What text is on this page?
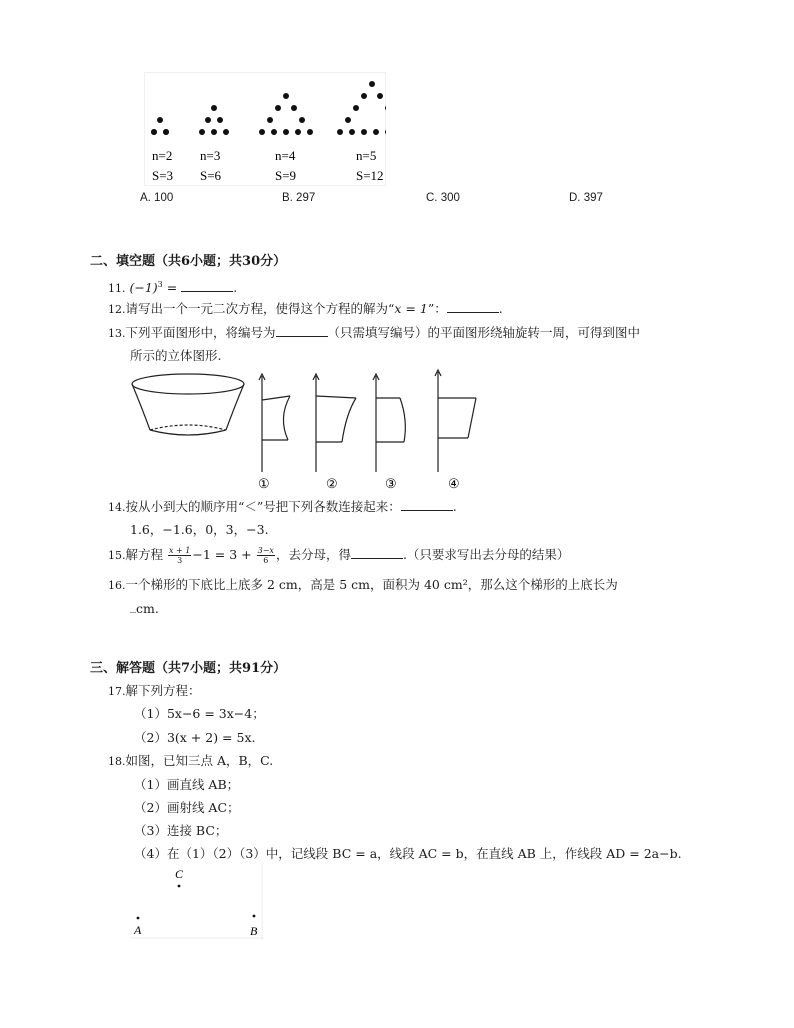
n=2
S=3
n=3
S=6
n=4
S=9
n=5
S=12
A. 100	B. 297	C. 300	D. 397
二、填空题（共6小题；共30分）
11. $(-1)^3$ =	.
12.请写出一个一元二次方程，使得这个方程的解为“x = 1”：	.
13.下列平面图形中，将编号为	（只需填写编号）的平面图形绕轴旋转一周，可得到图中
所示的立体图形.
①	②	③	④
14.按从小到大的顺序用“＜”号把下列各数连接起来：	.
1.6，−1.6，0，3，−3.
15.解方程 $\frac{x + 1}{3} -1 = 3 + \frac{3-x}{6}$ ，去分母，得	.（只要求写出去分母的结果）
16.一个梯形的下底比上底多 2 cm，高是 5 cm，面积为 40 cm²，那么这个梯形的上底长为
cm.
三、解答题（共7小题；共91分）
17.解下列方程：
（1）5x−6 = 3x−4；
（2）3(x + 2) = 5x.
18.如图，已知三点 A，B，C.
（1）画直线 AB；
（2）画射线 AC；
（3）连接 BC；
（4）在（1）（2）（3）中，记线段 BC = a，线段 AC = b，在直线 AB 上，作线段 AD = 2a−b.
C
A	B
